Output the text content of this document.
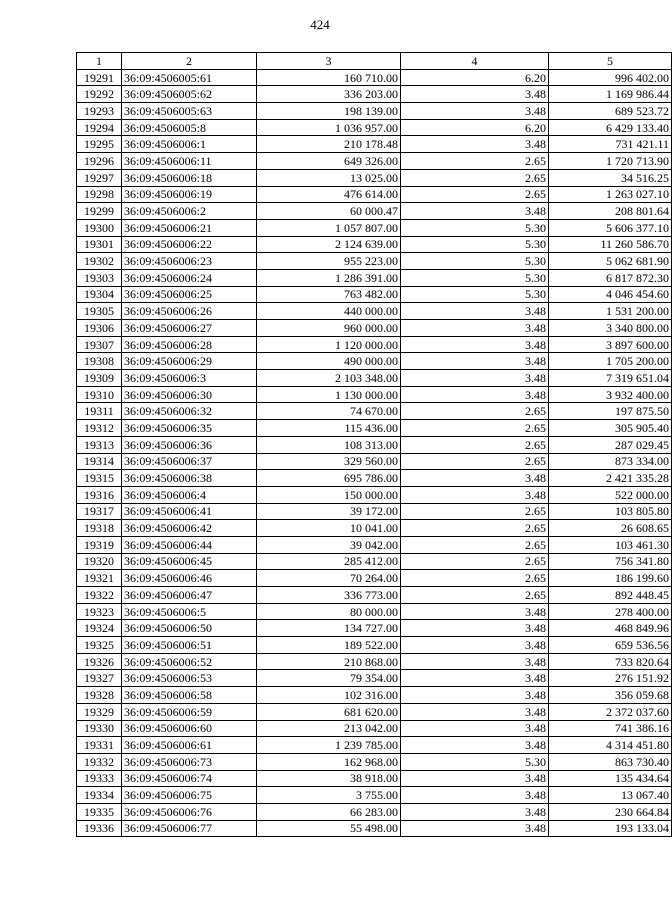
424
1	2	3	4	5
19291	36:09:4506005:61	160 710.00	6.20	996 402.00
19292	36:09:4506005:62	336 203.00	3.48	1 169 986.44
19293	36:09:4506005:63	198 139.00	3.48	689 523.72
19294	36:09:4506005:8	1 036 957.00	6.20	6 429 133.40
19295	36:09:4506006:1	210 178.48	3.48	731 421.11
19296	36:09:4506006:11	649 326.00	2.65	1 720 713.90
19297	36:09:4506006:18	13 025.00	2.65	34 516.25
19298	36:09:4506006:19	476 614.00	2.65	1 263 027.10
19299	36:09:4506006:2	60 000.47	3.48	208 801.64
19300	36:09:4506006:21	1 057 807.00	5.30	5 606 377.10
19301	36:09:4506006:22	2 124 639.00	5.30	11 260 586.70
19302	36:09:4506006:23	955 223.00	5.30	5 062 681.90
19303	36:09:4506006:24	1 286 391.00	5.30	6 817 872.30
19304	36:09:4506006:25	763 482.00	5.30	4 046 454.60
19305	36:09:4506006:26	440 000.00	3.48	1 531 200.00
19306	36:09:4506006:27	960 000.00	3.48	3 340 800.00
19307	36:09:4506006:28	1 120 000.00	3.48	3 897 600.00
19308	36:09:4506006:29	490 000.00	3.48	1 705 200.00
19309	36:09:4506006:3	2 103 348.00	3.48	7 319 651.04
19310	36:09:4506006:30	1 130 000.00	3.48	3 932 400.00
19311	36:09:4506006:32	74 670.00	2.65	197 875.50
19312	36:09:4506006:35	115 436.00	2.65	305 905.40
19313	36:09:4506006:36	108 313.00	2.65	287 029.45
19314	36:09:4506006:37	329 560.00	2.65	873 334.00
19315	36:09:4506006:38	695 786.00	3.48	2 421 335.28
19316	36:09:4506006:4	150 000.00	3.48	522 000.00
19317	36:09:4506006:41	39 172.00	2.65	103 805.80
19318	36:09:4506006:42	10 041.00	2.65	26 608.65
19319	36:09:4506006:44	39 042.00	2.65	103 461.30
19320	36:09:4506006:45	285 412.00	2.65	756 341.80
19321	36:09:4506006:46	70 264.00	2.65	186 199.60
19322	36:09:4506006:47	336 773.00	2.65	892 448.45
19323	36:09:4506006:5	80 000.00	3.48	278 400.00
19324	36:09:4506006:50	134 727.00	3.48	468 849.96
19325	36:09:4506006:51	189 522.00	3.48	659 536.56
19326	36:09:4506006:52	210 868.00	3.48	733 820.64
19327	36:09:4506006:53	79 354.00	3.48	276 151.92
19328	36:09:4506006:58	102 316.00	3.48	356 059.68
19329	36:09:4506006:59	681 620.00	3.48	2 372 037.60
19330	36:09:4506006:60	213 042.00	3.48	741 386.16
19331	36:09:4506006:61	1 239 785.00	3.48	4 314 451.80
19332	36:09:4506006:73	162 968.00	5.30	863 730.40
19333	36:09:4506006:74	38 918.00	3.48	135 434.64
19334	36:09:4506006:75	3 755.00	3.48	13 067.40
19335	36:09:4506006:76	66 283.00	3.48	230 664.84
19336	36:09:4506006:77	55 498.00	3.48	193 133.04
